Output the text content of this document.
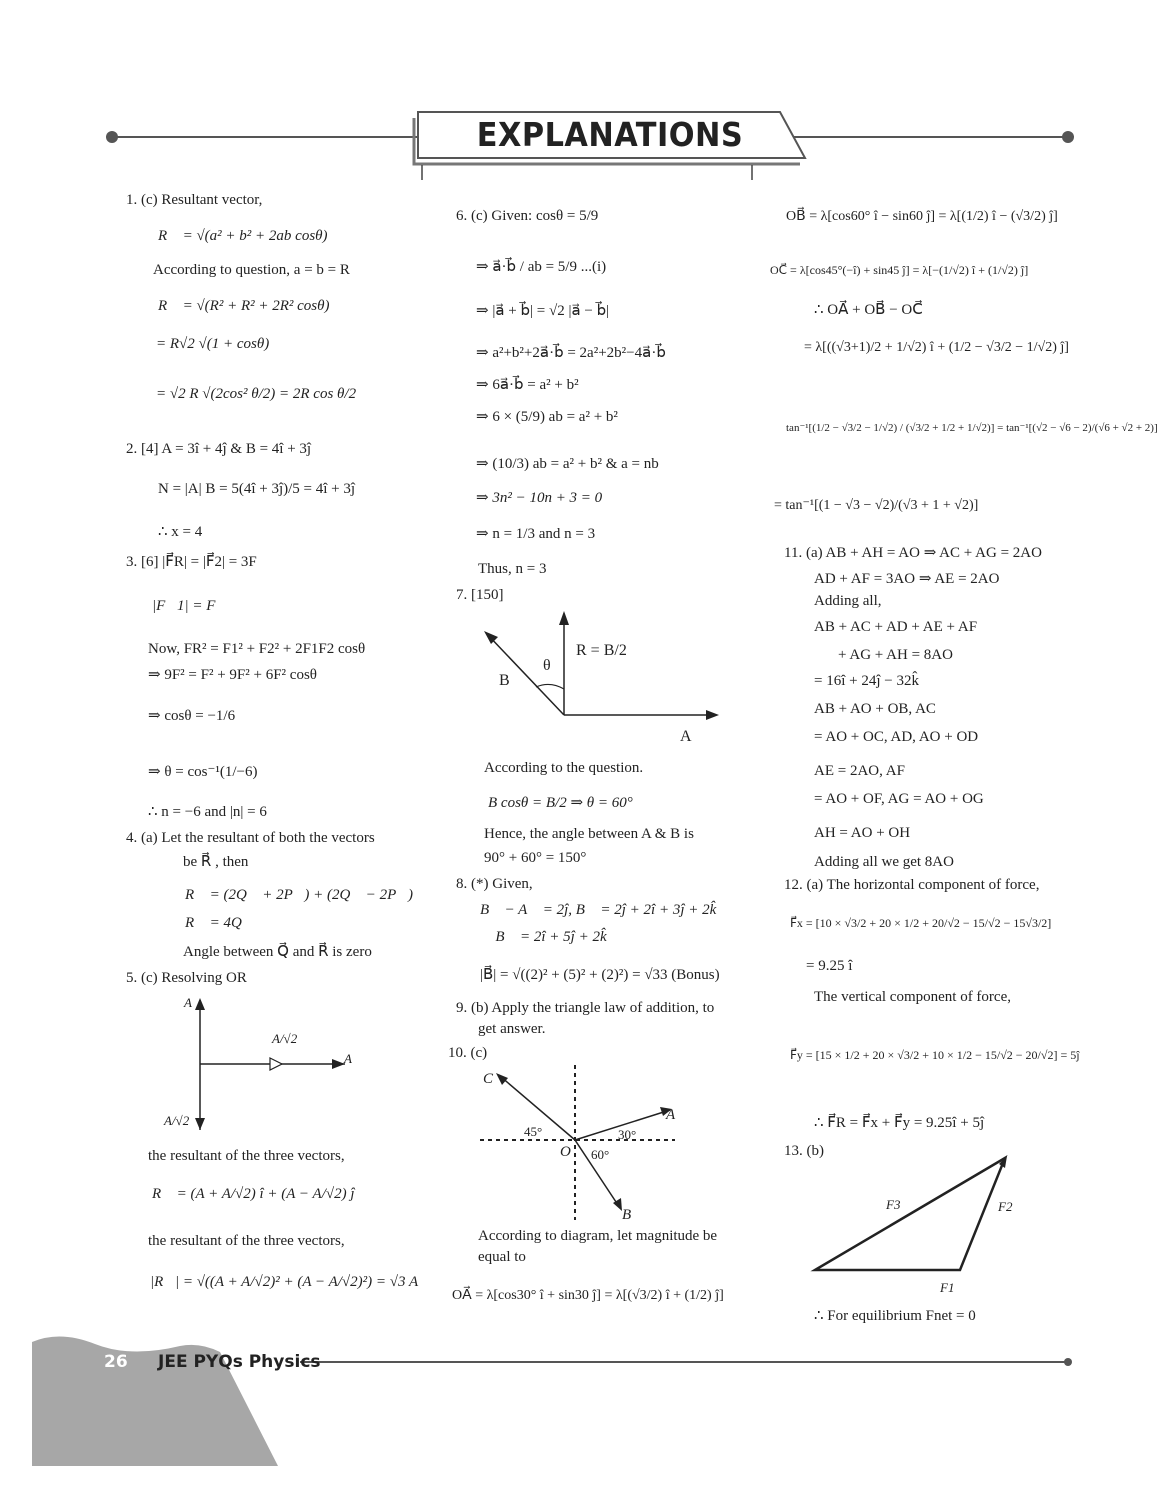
EXPLANATIONS
1. (c) Resultant vector,
R⃗ = √(a² + b² + 2ab cosθ)
According to question, a = b = R
R⃗ = √(R² + R² + 2R² cosθ)
= R√2 √(1 + cosθ)
= √2 R √(2cos² θ/2) = 2R cos θ/2
2. [4] A = 3î + 4ĵ & B = 4î + 3ĵ
N = |A| B = 5(4î + 3ĵ)/5 = 4î + 3ĵ
∴ x = 4
3. [6] |F⃗R| = |F⃗2| = 3F
|F⃗1| = F
Now, FR² = F1² + F2² + 2F1F2 cosθ
⇒ 9F² = F² + 9F² + 6F² cosθ
⇒ cosθ = −1/6
⇒ θ = cos⁻¹(1/−6)
∴ n = −6 and |n| = 6
4. (a) Let the resultant of both the vectors
be R⃗ , then
R⃗ = (2Q⃗ + 2P⃗) + (2Q⃗ − 2P⃗)
R⃗ = 4Q⃗
Angle between Q⃗ and R⃗ is zero
5. (c) Resolving OR
A
A
A/√2
A/√2
the resultant of the three vectors,
R⃗ = (A + A/√2) î + (A − A/√2) ĵ
the resultant of the three vectors,
|R⃗| = √((A + A/√2)² + (A − A/√2)²) = √3 A
6. (c) Given: cosθ = 5/9
⇒ a⃗·b⃗ / ab = 5/9 ...(i)
⇒ |a⃗ + b⃗| = √2 |a⃗ − b⃗|
⇒ a²+b²+2a⃗·b⃗ = 2a²+2b²−4a⃗·b⃗
⇒ 6a⃗·b⃗ = a² + b²
⇒ 6 × (5/9) ab = a² + b²
⇒ (10/3) ab = a² + b² & a = nb
⇒ 3n² − 10n + 3 = 0
⇒ n = 1/3 and n = 3
Thus, n = 3
7. [150]
R = B/2
B
θ
A
According to the question.
B cosθ = B/2 ⇒ θ = 60°
Hence, the angle between A & B is
90° + 60° = 150°
8. (*) Given,
B⃗ − A⃗ = 2ĵ, B⃗ = 2ĵ + 2î + 3ĵ + 2k̂
∴ B⃗ = 2î + 5ĵ + 2k̂
|B⃗| = √((2)² + (5)² + (2)²) = √33 (Bonus)
9. (b) Apply the triangle law of addition, to
get answer.
10. (c)
C
A
B
O
45°	30°
60°
According to diagram, let magnitude be
equal to
OA⃗ = λ[cos30° î + sin30 ĵ] = λ[(√3/2) î + (1/2) ĵ]
OB⃗ = λ[cos60° î − sin60 ĵ] = λ[(1/2) î − (√3/2) ĵ]
OC⃗ = λ[cos45°(−î) + sin45 ĵ] = λ[−(1/√2) î + (1/√2) ĵ]
∴ OA⃗ + OB⃗ − OC⃗
= λ[((√3+1)/2 + 1/√2) î + (1/2 − √3/2 − 1/√2) ĵ]
tan⁻¹[(1/2 − √3/2 − 1/√2) / (√3/2 + 1/2 + 1/√2)] = tan⁻¹[(√2 − √6 − 2)/(√6 + √2 + 2)]
= tan⁻¹[(1 − √3 − √2)/(√3 + 1 + √2)]
11. (a) AB + AH = AO ⇒ AC + AG = 2AO
AD + AF = 3AO ⇒ AE = 2AO
Adding all,
AB + AC + AD + AE + AF
+ AG + AH = 8AO
= 16î + 24ĵ − 32k̂
AB + AO + OB, AC
= AO + OC, AD, AO + OD
AE = 2AO, AF
= AO + OF, AG = AO + OG
AH = AO + OH
Adding all we get 8AO
12. (a) The horizontal component of force,
F⃗x = [10 × √3/2 + 20 × 1/2 + 20/√2 − 15/√2 − 15√3/2]
= 9.25 î
The vertical component of force,
F⃗y = [15 × 1/2 + 20 × √3/2 + 10 × 1/2 − 15/√2 − 20/√2] = 5ĵ
∴ F⃗R = F⃗x + F⃗y = 9.25î + 5ĵ
13. (b)
F1
F2
F3
∴ For equilibrium Fnet = 0
26 JEE PYQs Physics
